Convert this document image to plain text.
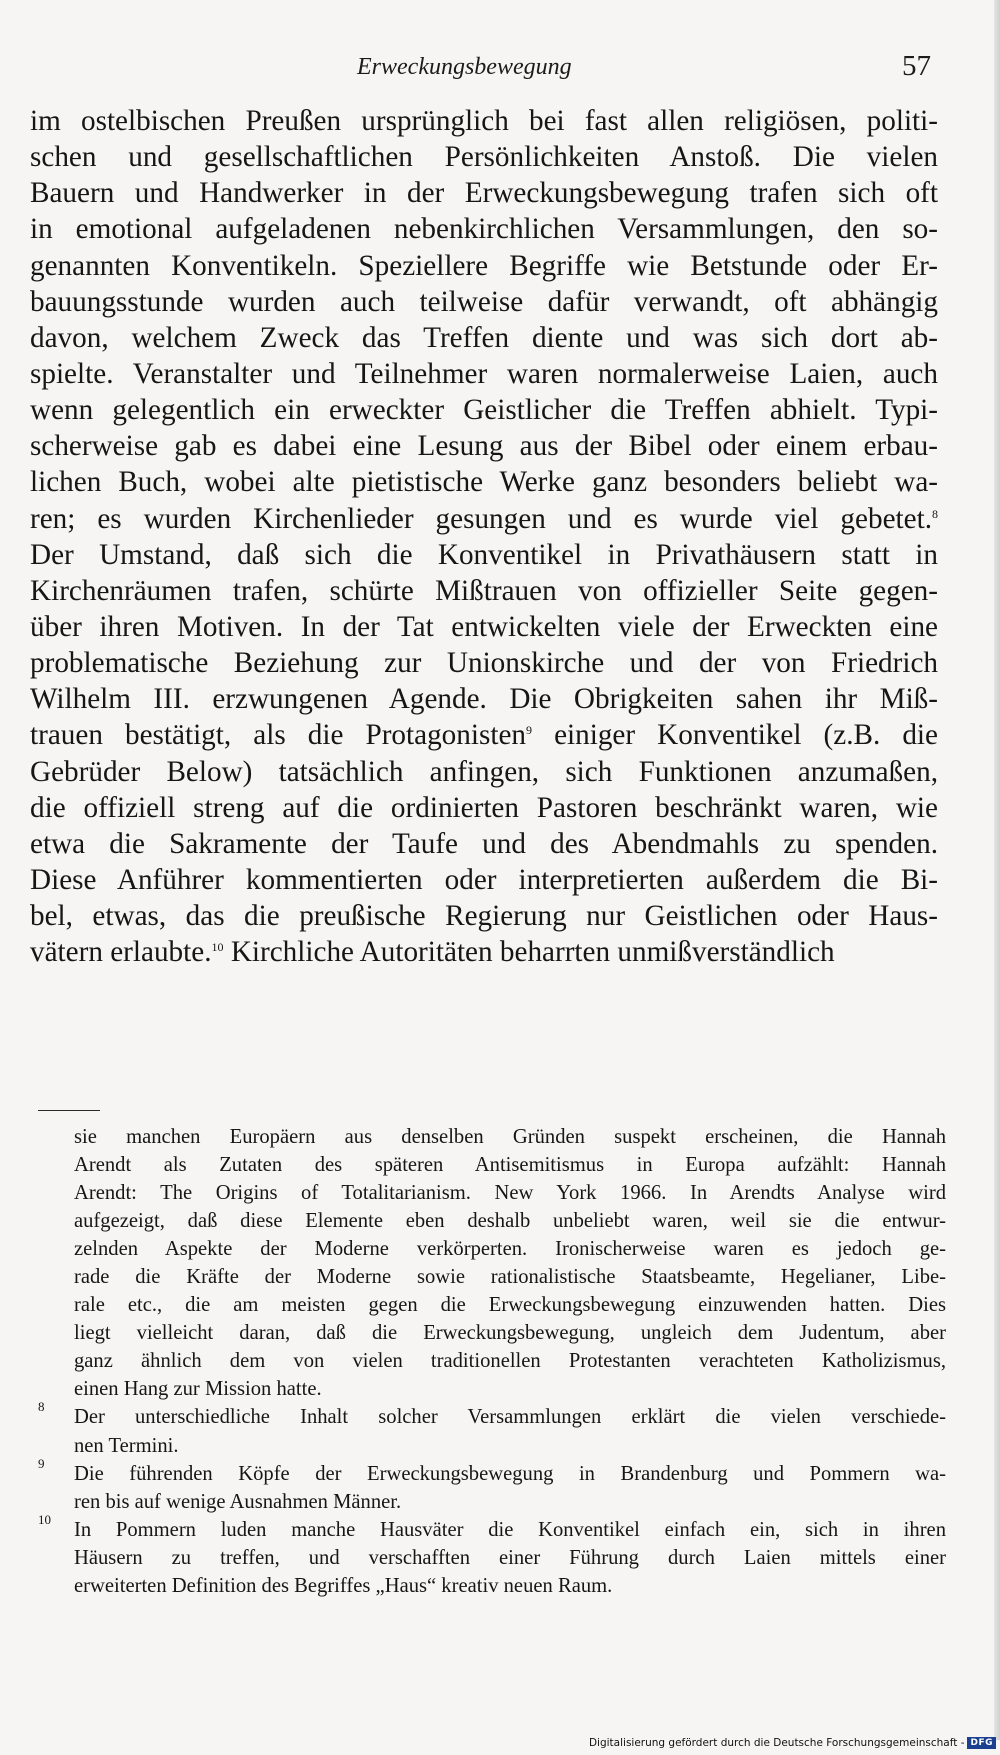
Erweckungsbewegung	57
im ostelbischen Preußen ursprünglich bei fast allen religiösen, politi-
schen und gesellschaftlichen Persönlichkeiten Anstoß. Die vielen
Bauern und Handwerker in der Erweckungsbewegung trafen sich oft
in emotional aufgeladenen nebenkirchlichen Versammlungen, den so-
genannten Konventikeln. Speziellere Begriffe wie Betstunde oder Er-
bauungsstunde wurden auch teilweise dafür verwandt, oft abhängig
davon, welchem Zweck das Treffen diente und was sich dort ab-
spielte. Veranstalter und Teilnehmer waren normalerweise Laien, auch
wenn gelegentlich ein erweckter Geistlicher die Treffen abhielt. Typi-
scherweise gab es dabei eine Lesung aus der Bibel oder einem erbau-
lichen Buch, wobei alte pietistische Werke ganz besonders beliebt wa-
ren; es wurden Kirchenlieder gesungen und es wurde viel gebetet.$^8$
Der Umstand, daß sich die Konventikel in Privathäusern statt in
Kirchenräumen trafen, schürte Mißtrauen von offizieller Seite gegen-
über ihren Motiven. In der Tat entwickelten viele der Erweckten eine
problematische Beziehung zur Unionskirche und der von Friedrich
Wilhelm III. erzwungenen Agende. Die Obrigkeiten sahen ihr Miß-
trauen bestätigt, als die Protagonisten$^9$ einiger Konventikel (z.B. die
Gebrüder Below) tatsächlich anfingen, sich Funktionen anzumaßen,
die offiziell streng auf die ordinierten Pastoren beschränkt waren, wie
etwa die Sakramente der Taufe und des Abendmahls zu spenden.
Diese Anführer kommentierten oder interpretierten außerdem die Bi-
bel, etwas, das die preußische Regierung nur Geistlichen oder Haus-
vätern erlaubte.$^{10}$ Kirchliche Autoritäten beharrten unmißverständlich
sie manchen Europäern aus denselben Gründen suspekt erscheinen, die Hannah
Arendt als Zutaten des späteren Antisemitismus in Europa aufzählt: Hannah
Arendt: The Origins of Totalitarianism. New York 1966. In Arendts Analyse wird
aufgezeigt, daß diese Elemente eben deshalb unbeliebt waren, weil sie die entwur-
zelnden Aspekte der Moderne verkörperten. Ironischerweise waren es jedoch ge-
rade die Kräfte der Moderne sowie rationalistische Staatsbeamte, Hegelianer, Libe-
rale etc., die am meisten gegen die Erweckungsbewegung einzuwenden hatten. Dies
liegt vielleicht daran, daß die Erweckungsbewegung, ungleich dem Judentum, aber
ganz ähnlich dem von vielen traditionellen Protestanten verachteten Katholizismus,
einen Hang zur Mission hatte.
8 Der unterschiedliche Inhalt solcher Versammlungen erklärt die vielen verschiede-
nen Termini.
9 Die führenden Köpfe der Erweckungsbewegung in Brandenburg und Pommern wa-
ren bis auf wenige Ausnahmen Männer.
10 In Pommern luden manche Hausväter die Konventikel einfach ein, sich in ihren
Häusern zu treffen, und verschafften einer Führung durch Laien mittels einer
erweiterten Definition des Begriffes „Haus“ kreativ neuen Raum.
Digitalisierung gefördert durch die Deutsche Forschungsgemeinschaft - DFG
